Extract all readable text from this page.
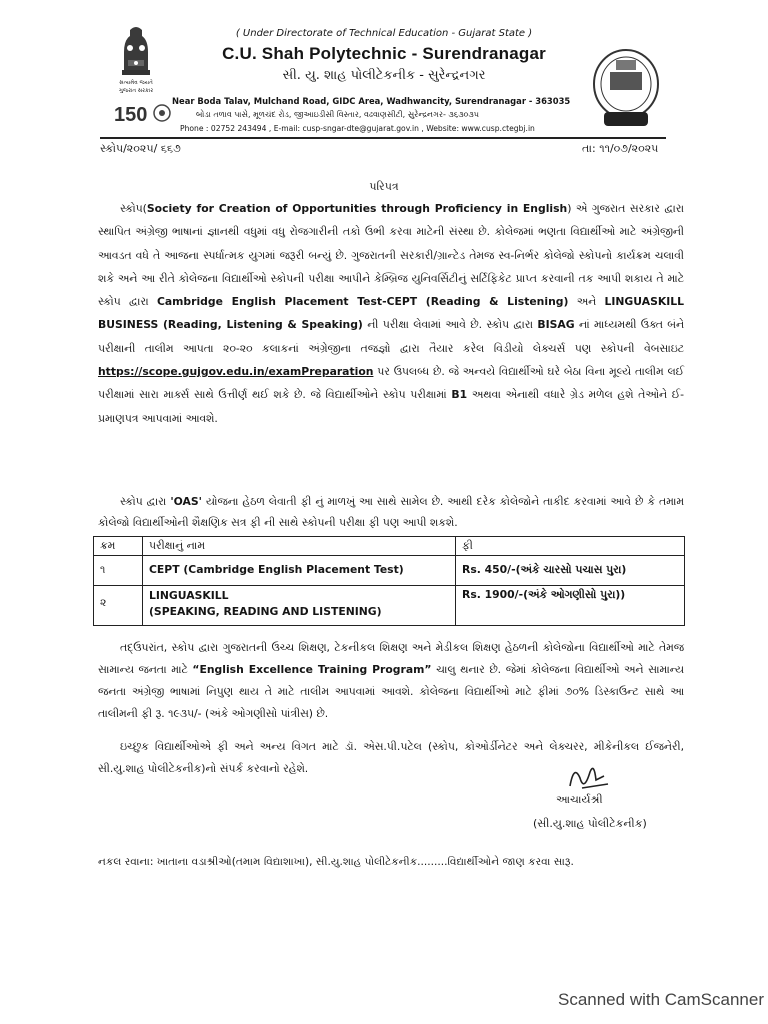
સત્યમેવ જયતે
ગુજરાત સરકાર
150
( Under Directorate of Technical Education - Gujarat State )
C.U. Shah Polytechnic - Surendranagar
સી. યુ. શાહ પોલીટેકનીક - સુરેન્દ્રનગર
Near Boda Talav, Mulchand Road, GIDC Area, Wadhwancity, Surendranagar - 363035
બોડા તળાવ પાસે, મૂળચંદ રોડ, જીઆઇડીસી વિસ્તાર, વઢવાણસીટી, સુરેન્દ્રનગર- ૩૬૩૦૩૫
Phone : 02752 243494 , E-mail: cusp-sngar-dte@gujarat.gov.in , Website: www.cusp.ctegbj.in
સ્કોપ/૨૦૨૫/ ૬૬૭	તા: ૧૧/૦૭/૨૦૨૫
પરિપત્ર

સ્કોપ(Society for Creation of Opportunities through Proficiency in English) એ ગુજરાત સરકાર દ્વારા સ્થાપિત અંગ્રેજી ભાષાનાં જ્ઞાનથી વધુમાં વધુ રોજગારીની તકો ઉભી કરવા માટેની સંસ્થા છે. કોલેજમાં ભણતા વિદ્યાર્થીઓ માટે અંગ્રેજીની આવડત વધે તે આજના સ્પર્ધાત્મક યુગમાં જરૂરી બન્યું છે. ગુજરાતની સરકારી/ગ્રાન્ટેડ તેમજ સ્વ-નિર્ભર કોલેજો સ્કોપનો કાર્યક્રમ ચલાવી શકે અને આ રીતે કોલેજના વિદ્યાર્થીઓ સ્કોપની પરીક્ષા આપીને કેમ્બ્રિજ યુનિવર્સિટીનું સર્ટિફિકેટ પ્રાપ્ત કરવાની તક આપી શકાય તે માટે સ્કોપ દ્વારા Cambridge English Placement Test-CEPT (Reading & Listening) અને LINGUASKILL BUSINESS (Reading, Listening & Speaking) ની પરીક્ષા લેવામાં આવે છે. સ્કોપ દ્વારા BISAG નાં માધ્યમથી ઉક્ત બંને પરીક્ષાની તાલીમ આપતા ૨૦-૨૦ કલાકનાં અંગ્રેજીના તજજ્ઞો દ્વારા તૈયાર કરેલ વિડીયો લેક્ચર્સ પણ સ્કોપની વેબસાઇટ https://scope.gujgov.edu.in/examPreparation પર ઉપલબ્ધ છે. જે અન્વયે વિદ્યાર્થીઓ ઘરે બેઠા વિના મૂલ્યે તાલીમ લઈ પરીક્ષામાં સારા માર્ક્સ સાથે ઉત્તીર્ણ થઈ શકે છે. જે વિદ્યાર્થીઓને સ્કોપ પરીક્ષામાં B1 અથવા એનાથી વધારે ગ્રેડ મળેલ હશે તેઓને ઈ-પ્રમાણપત્ર આપવામાં આવશે.

સ્કોપ દ્વારા 'OAS' યોજના હેઠળ લેવાતી ફી નું માળખું આ સાથે સામેલ છે. આથી દરેક કોલેજોને તાકીદ કરવામાં આવે છે કે તમામ કોલેજો વિદ્યાર્થીઓની શૈક્ષણિક સત્ર ફી ની સાથે સ્કોપની પરીક્ષા ફી પણ આપી શકશે.

ક્રમ	પરીક્ષાનું નામ	ફી
૧	CEPT (Cambridge English Placement Test)	Rs. 450/-(અંકે ચારસો પચાસ પુરા)
૨	LINGUASKILL
(SPEAKING, READING AND LISTENING)	Rs. 1900/-(અંકે ઓગણીસો પુરા))

તદ્ઉપરાંત, સ્કોપ દ્વારા ગુજરાતની ઉચ્ચ શિક્ષણ, ટેકનીકલ શિક્ષણ અને મેડીકલ શિક્ષણ હેઠળની કોલેજોના વિદ્યાર્થીઓ માટે તેમજ સામાન્ય જનતા માટે “English Excellence Training Program” ચાલુ થનાર છે. જેમાં કોલેજના વિદ્યાર્થીઓ અને સામાન્ય જનતા અંગ્રેજી ભાષામાં નિપુણ થાય તે માટે તાલીમ આપવામાં આવશે. કોલેજના વિદ્યાર્થીઓ માટે ફીમાં ૭૦% ડિસ્કાઉન્ટ સાથે આ તાલીમની ફી રૂ. ૧૯૩૫/- (અંકે ઓગણીસો પાંત્રીસ) છે.

ઇચ્છુક વિદ્યાર્થીઓએ ફી અને અન્ય વિગત માટે ડૉ. એસ.પી.પટેલ (સ્કોપ, કોઓર્ડીનેટર અને લેક્ચરર, મીકેનીકલ ઈજનેરી, સી.યુ.શાહ પોલીટેકનીક)નો સંપર્ક કરવાનો રહેશે.

આચાર્યશ્રી
(સી.યુ.શાહ પોલીટેકનીક)
નકલ રવાના: ખાતાના વડાશ્રીઓ(તમામ વિદ્યાશાખા), સી.યુ.શાહ પોલીટેકનીક.........વિદ્યાર્થીઓને જાણ કરવા સારૂ.
Scanned with CamScanner
